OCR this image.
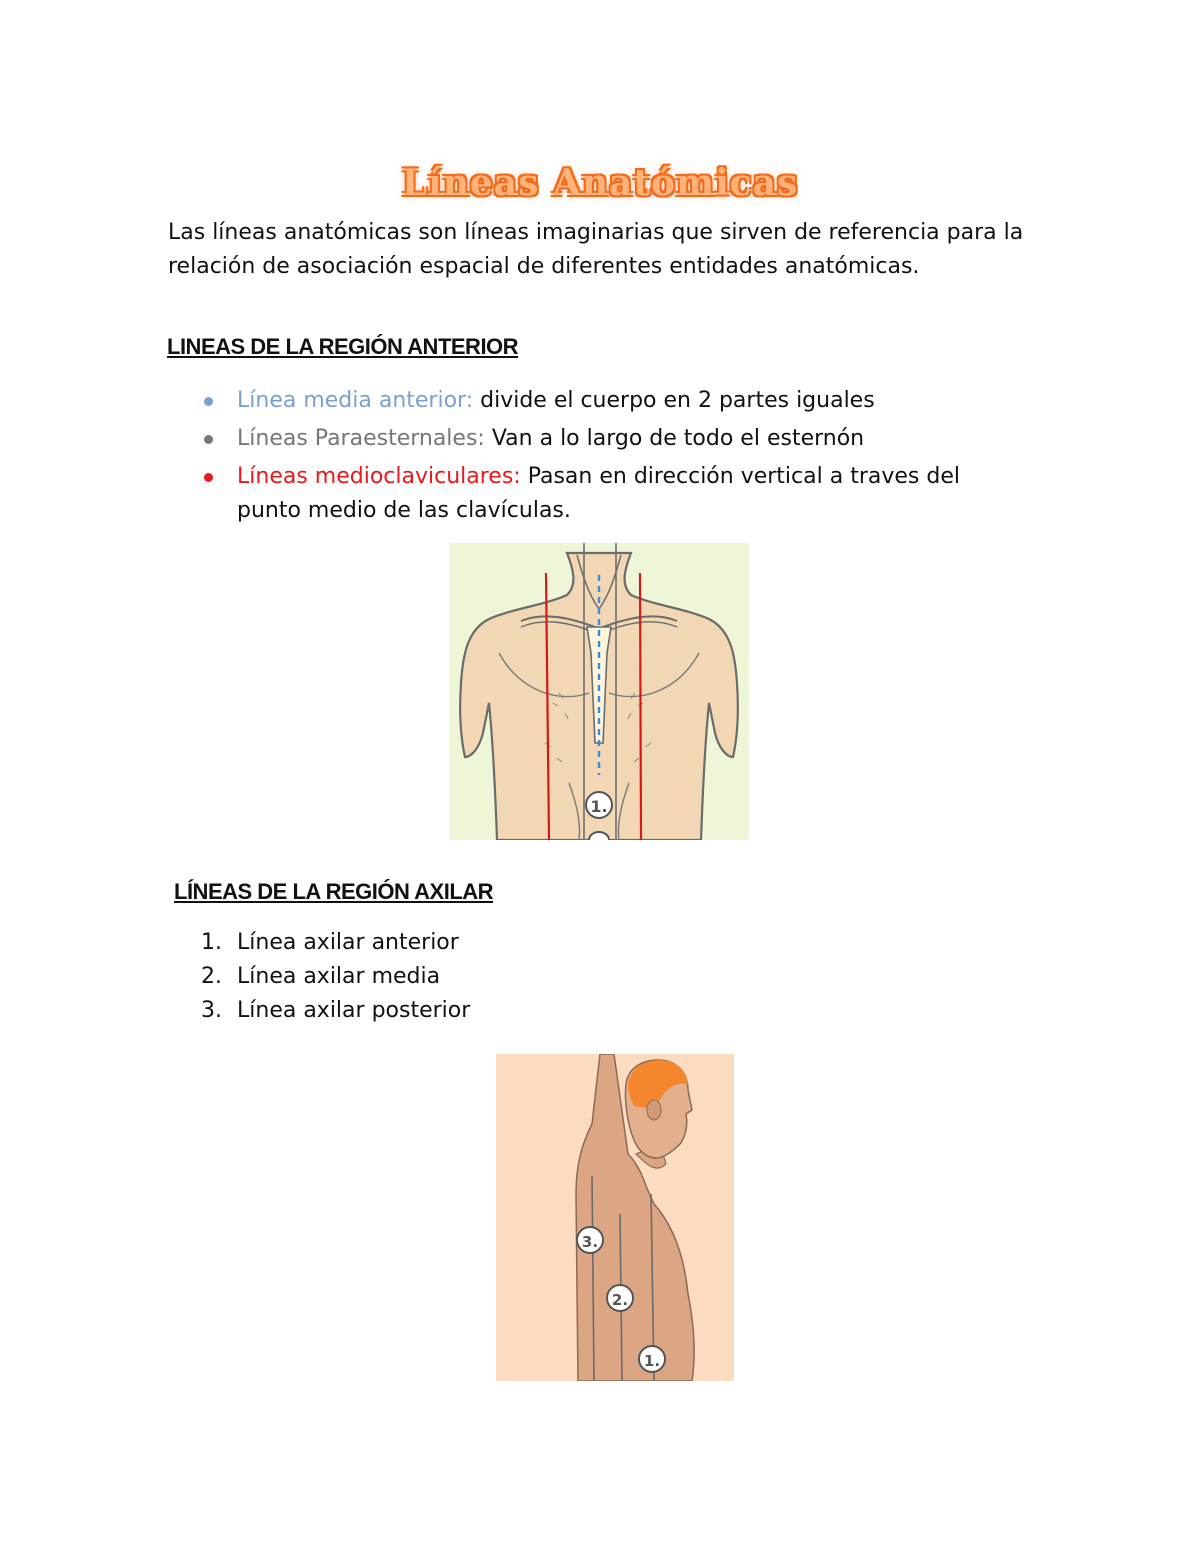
Líneas Anatómicas

Las líneas anatómicas son líneas imaginarias que sirven de referencia para la relación de asociación espacial de diferentes entidades anatómicas.

LINEAS DE LA REGIÓN ANTERIOR
Línea media anterior: divide el cuerpo en 2 partes iguales
Líneas Paraesternales: Van a lo largo de todo el esternón
Líneas medioclaviculares: Pasan en dirección vertical a traves del punto medio de las clavículas.
1.
LÍNEAS DE LA REGIÓN AXILAR
1. Línea axilar anterior
2. Línea axilar media
3. Línea axilar posterior
3.
2.
1.
